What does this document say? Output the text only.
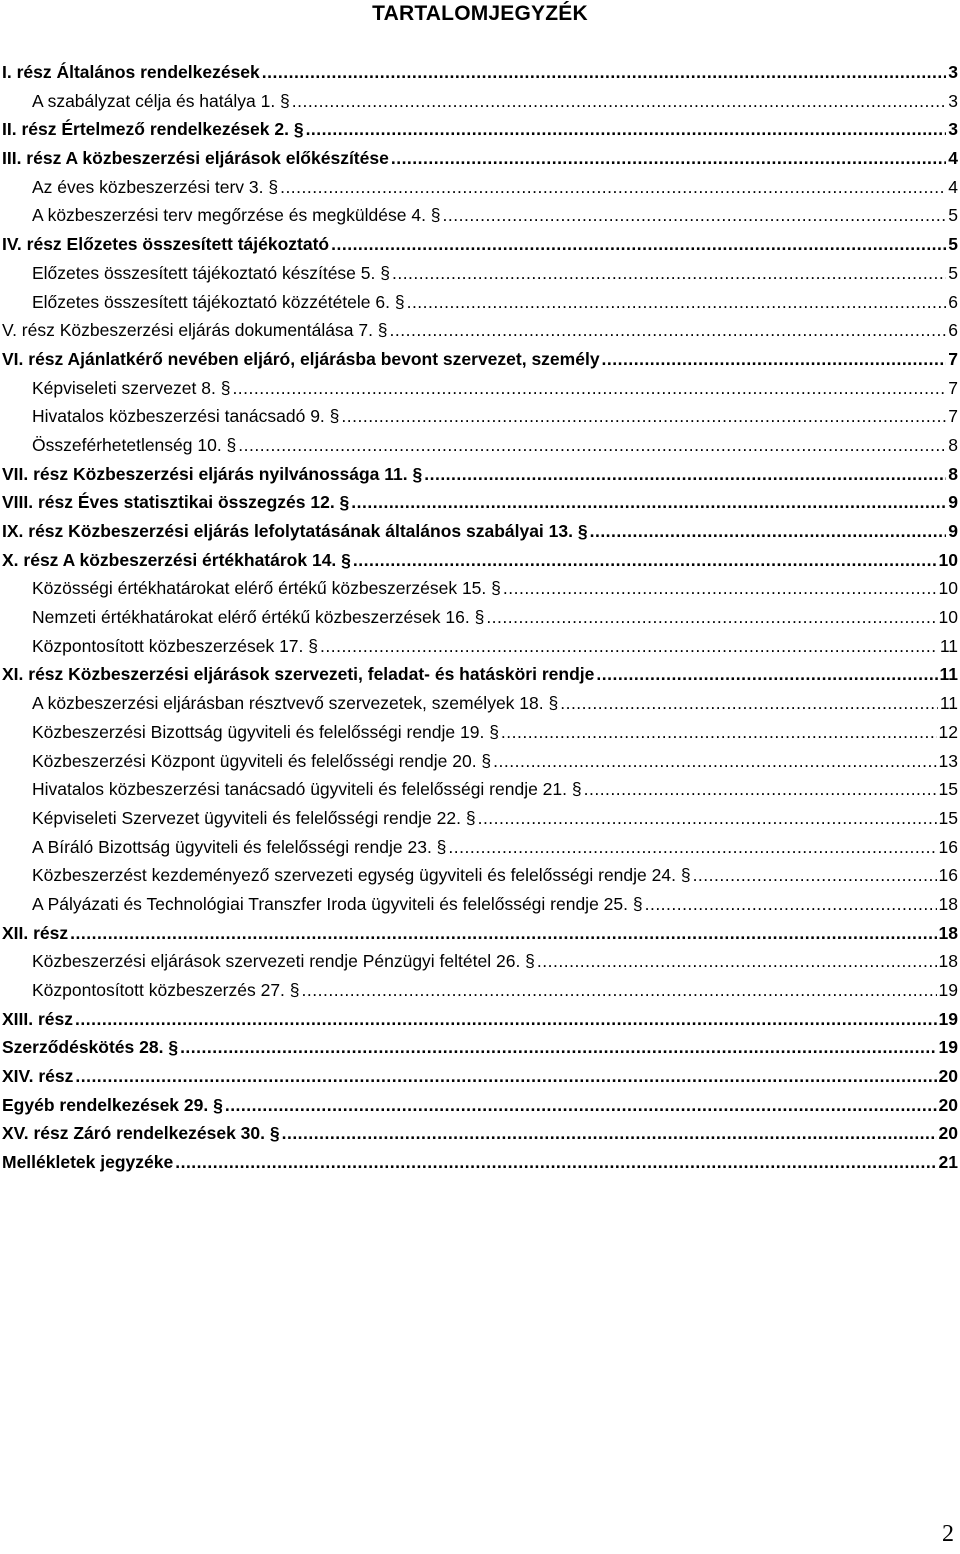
TARTALOMJEGYZÉK
I. rész Általános rendelkezések .....	3
A szabályzat célja és hatálya 1. § .....	3
II. rész Értelmező rendelkezések 2. § .....	3
III. rész A közbeszerzési eljárások előkészítése .....	4
Az éves közbeszerzési terv 3. § .....	4
A közbeszerzési terv megőrzése és megküldése 4. § .....	5
IV. rész Előzetes összesített tájékoztató .....	5
Előzetes összesített tájékoztató készítése 5. § .....	5
Előzetes összesített tájékoztató közzététele 6. § .....	6
V. rész Közbeszerzési eljárás dokumentálása 7. § .....	6
VI. rész Ajánlatkérő nevében eljáró, eljárásba bevont szervezet, személy .....	7
Képviseleti szervezet 8. § .....	7
Hivatalos közbeszerzési tanácsadó 9. § .....	7
Összeférhetetlenség 10. § .....	8
VII. rész Közbeszerzési eljárás nyilvánossága 11. § .....	8
VIII. rész Éves statisztikai összegzés 12. § .....	9
IX. rész Közbeszerzési eljárás lefolytatásának általános szabályai 13. § .....	9
X. rész A közbeszerzési értékhatárok 14. § .....	10
Közösségi értékhatárokat elérő értékű közbeszerzések 15. § .....	10
Nemzeti értékhatárokat elérő értékű közbeszerzések 16. § .....	10
Központosított közbeszerzések 17. § .....	11
XI. rész Közbeszerzési eljárások szervezeti, feladat- és hatásköri rendje .....	11
A közbeszerzési eljárásban résztvevő szervezetek, személyek 18. § .....	11
Közbeszerzési Bizottság ügyviteli és felelősségi rendje 19. § .....	12
Közbeszerzési Központ ügyviteli és felelősségi rendje 20. § .....	13
Hivatalos közbeszerzési tanácsadó ügyviteli és felelősségi rendje 21. § .....	15
Képviseleti Szervezet ügyviteli és felelősségi rendje 22. § .....	15
A Bíráló Bizottság ügyviteli és felelősségi rendje 23. § .....	16
Közbeszerzést kezdeményező szervezeti egység ügyviteli és felelősségi rendje 24. § .....	16
A Pályázati és Technológiai Transzfer Iroda ügyviteli és felelősségi rendje 25. § .....	18
XII. rész .....	18
Közbeszerzési eljárások szervezeti rendje Pénzügyi feltétel 26. § .....	18
Központosított közbeszerzés 27. § .....	19
XIII. rész .....	19
Szerződéskötés 28. § .....	19
XIV. rész .....	20
Egyéb rendelkezések 29. § .....	20
XV. rész Záró rendelkezések 30. § .....	20
Mellékletek jegyzéke .....	21
2
